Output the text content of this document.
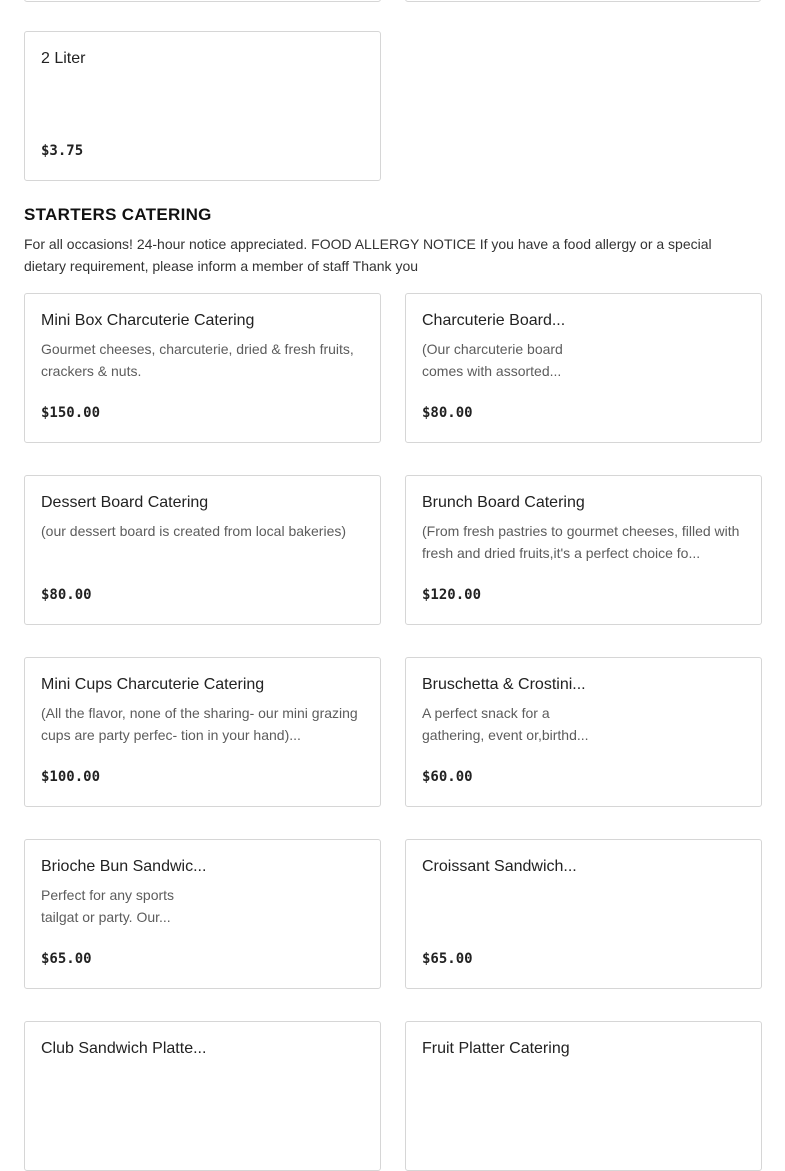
2 Liter
$3.75
STARTERS CATERING

For all occasions! 24-hour notice appreciated. FOOD ALLERGY NOTICE If you have a food allergy or a special dietary requirement, please inform a member of staff Thank you

Mini Box Charcuterie Catering
Gourmet cheeses, charcuterie, dried & fresh fruits, crackers & nuts.
$150.00
Charcuterie Board...
(Our charcuterie board comes with assorted...
$80.00
Dessert Board Catering
(our dessert board is created from local bakeries)
$80.00
Brunch Board Catering
(From fresh pastries to gourmet cheeses, filled with fresh and dried fruits,it's a perfect choice fo...
$120.00
Mini Cups Charcuterie Catering
(All the flavor, none of the sharing- our mini grazing cups are party perfec- tion in your hand)...
$100.00
Bruschetta & Crostini...
A perfect snack for a gathering, event or,birthd...
$60.00
Brioche Bun Sandwic...
Perfect for any sports tailgat or party. Our...
$65.00
Croissant Sandwich...
$65.00
Club Sandwich Platte...	Fruit Platter Catering
